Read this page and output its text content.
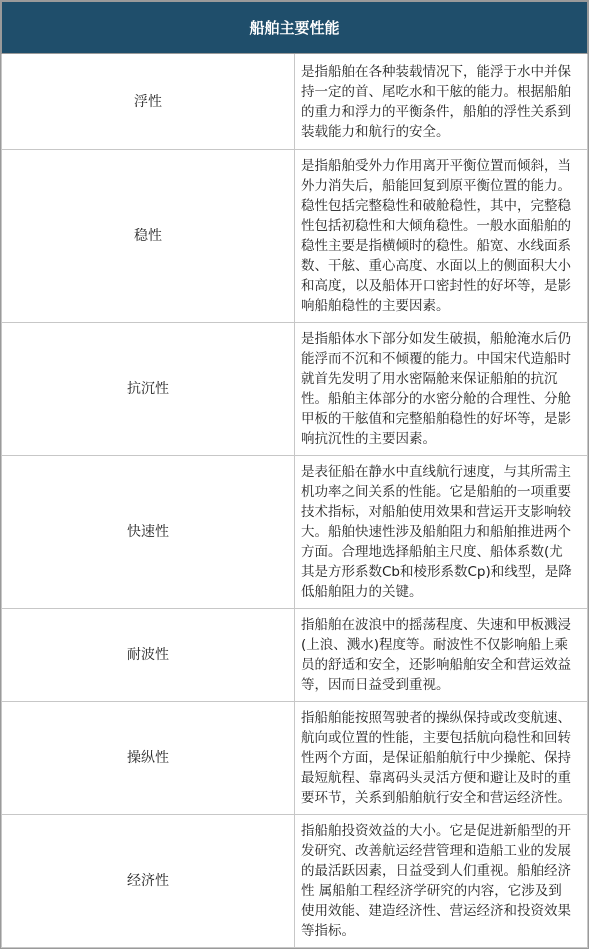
船舶主要性能	
浮性	是指船舶在各种装载情况下，能浮于水中并保持一定的首、尾吃水和干舷的能力。根据船舶的重力和浮力的平衡条件，船舶的浮性关系到装载能力和航行的安全。
稳性	是指船舶受外力作用离开平衡位置而倾斜，当外力消失后，船能回复到原平衡位置的能力。稳性包括完整稳性和破舱稳性，其中，完整稳性包括初稳性和大倾角稳性。一般水面船舶的稳性主要是指横倾时的稳性。船宽、水线面系数、干舷、重心高度、水面以上的侧面积大小和高度，以及船体开口密封性的好坏等，是影响船舶稳性的主要因素。
抗沉性	是指船体水下部分如发生破损，船舱淹水后仍能浮而不沉和不倾覆的能力。中国宋代造船时就首先发明了用水密隔舱来保证船舶的抗沉性。船舶主体部分的水密分舱的合理性、分舱甲板的干舷值和完整船舶稳性的好坏等，是影响抗沉性的主要因素。
快速性	是表征船在静水中直线航行速度，与其所需主机功率之间关系的性能。它是船舶的一项重要技术指标，对船舶使用效果和营运开支影响较大。船舶快速性涉及船舶阻力和船舶推进两个方面。合理地选择船舶主尺度、船体系数(尤其是方形系数Cb和棱形系数Cp)和线型，是降低船舶阻力的关键。
耐波性	指船舶在波浪中的摇荡程度、失速和甲板溅浸(上浪、溅水)程度等。耐波性不仅影响船上乘员的舒适和安全，还影响船舶安全和营运效益等，因而日益受到重视。
操纵性	指船舶能按照驾驶者的操纵保持或改变航速、航向或位置的性能，主要包括航向稳性和回转性两个方面，是保证船舶航行中少操舵、保持最短航程、靠离码头灵活方便和避让及时的重要环节，关系到船舶航行安全和营运经济性。
经济性	指船舶投资效益的大小。它是促进新船型的开发研究、改善航运经营管理和造船工业的发展的最活跃因素，日益受到人们重视。船舶经济性 属船舶工程经济学研究的内容，它涉及到使用效能、建造经济性、营运经济和投资效果等指标。
